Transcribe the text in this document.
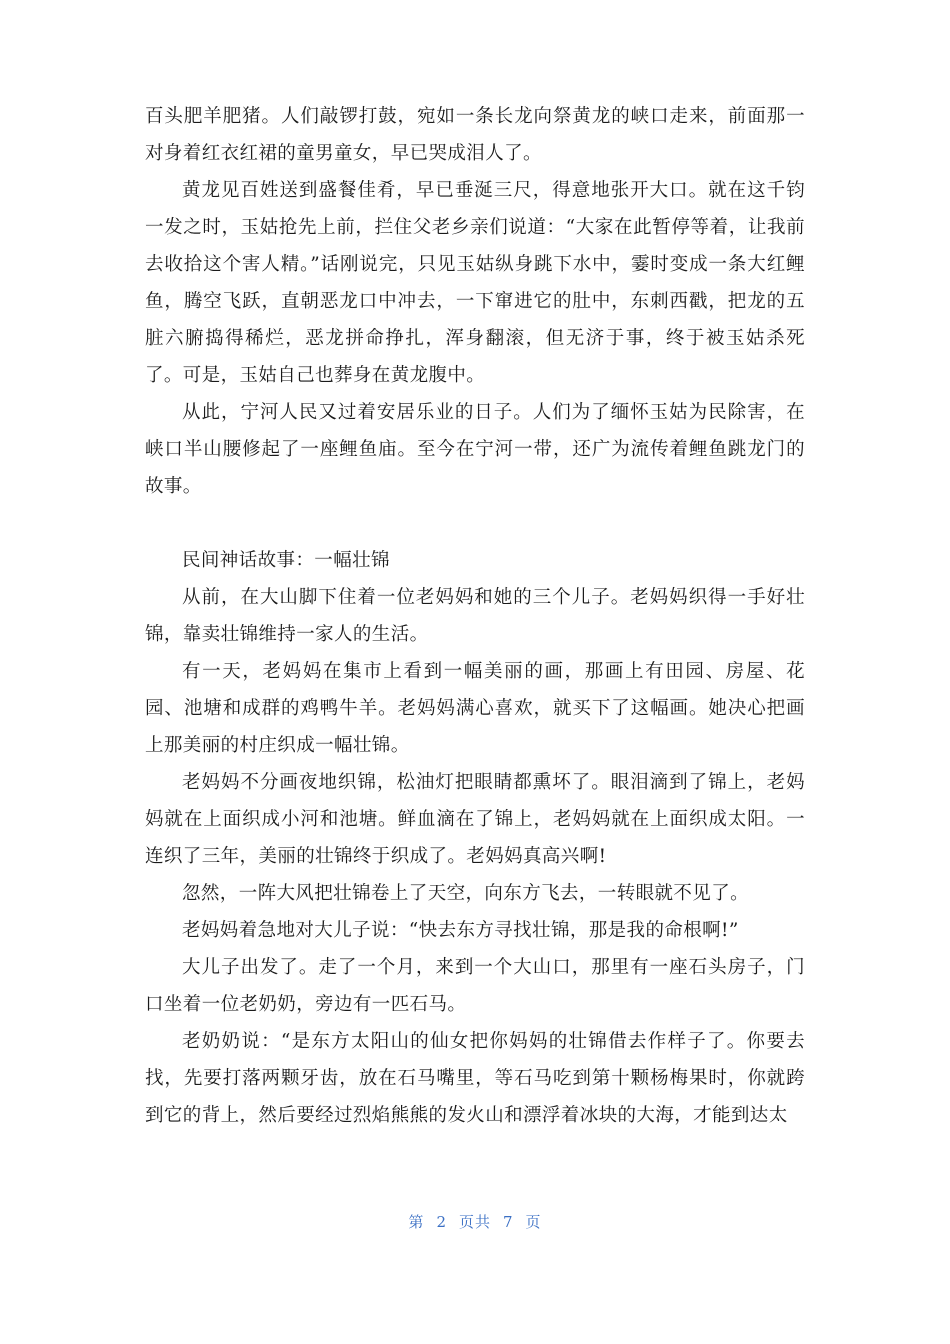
百头肥羊肥猪。人们敲锣打鼓，宛如一条长龙向祭黄龙的峡口走来，前面那一对身着红衣红裙的童男童女，早已哭成泪人了。

黄龙见百姓送到盛餐佳肴，早已垂涎三尺，得意地张开大口。就在这千钧一发之时，玉姑抢先上前，拦住父老乡亲们说道：“大家在此暂停等着，让我前去收拾这个害人精。”话刚说完，只见玉姑纵身跳下水中，霎时变成一条大红鲤鱼，腾空飞跃，直朝恶龙口中冲去，一下窜进它的肚中，东刺西戳，把龙的五脏六腑捣得稀烂，恶龙拼命挣扎，浑身翻滚，但无济于事，终于被玉姑杀死了。可是，玉姑自己也葬身在黄龙腹中。

从此，宁河人民又过着安居乐业的日子。人们为了缅怀玉姑为民除害，在峡口半山腰修起了一座鲤鱼庙。至今在宁河一带，还广为流传着鲤鱼跳龙门的故事。

民间神话故事：一幅壮锦

从前，在大山脚下住着一位老妈妈和她的三个儿子。老妈妈织得一手好壮锦，靠卖壮锦维持一家人的生活。

有一天，老妈妈在集市上看到一幅美丽的画，那画上有田园、房屋、花园、池塘和成群的鸡鸭牛羊。老妈妈满心喜欢，就买下了这幅画。她决心把画上那美丽的村庄织成一幅壮锦。

老妈妈不分画夜地织锦，松油灯把眼睛都熏坏了。眼泪滴到了锦上，老妈妈就在上面织成小河和池塘。鲜血滴在了锦上，老妈妈就在上面织成太阳。一连织了三年，美丽的壮锦终于织成了。老妈妈真高兴啊!

忽然，一阵大风把壮锦卷上了天空，向东方飞去，一转眼就不见了。

老妈妈着急地对大儿子说：“快去东方寻找壮锦，那是我的命根啊!”

大儿子出发了。走了一个月，来到一个大山口，那里有一座石头房子，门口坐着一位老奶奶，旁边有一匹石马。

老奶奶说：“是东方太阳山的仙女把你妈妈的壮锦借去作样子了。你要去找，先要打落两颗牙齿，放在石马嘴里，等石马吃到第十颗杨梅果时，你就跨到它的背上，然后要经过烈焰熊熊的发火山和漂浮着冰块的大海，才能到达太

第 2 页共 7 页
